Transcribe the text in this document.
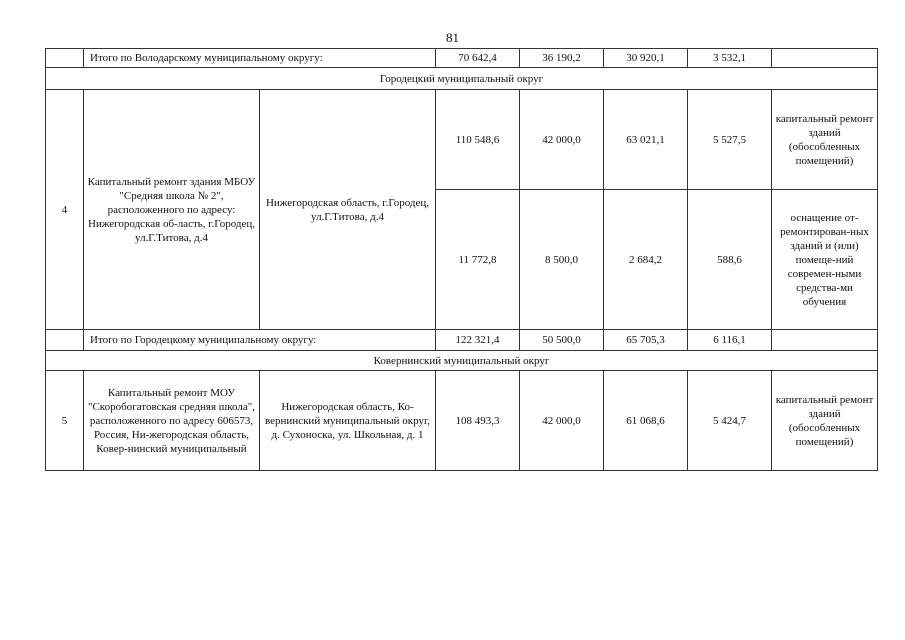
81
	Итого по Володарскому муниципальному округу:		70 642,4	36 190,2	30 920,1	3 532,1	
Городецкий муниципальный округ							
4	Капитальный ремонт здания МБОУ "Средняя школа № 2", расположенного по адресу: Нижегородская об-ласть, г.Городец, ул.Г.Титова, д.4	Нижегородская область, г.Городец, ул.Г.Титова, д.4	110 548,6	42 000,0	63 021,1	5 527,5	капитальный ремонт зданий (обособленных помещений)
			11 772,8	8 500,0	2 684,2	588,6	оснащение от-ремонтирован-ных зданий и (или) помеще-ний современ-ными средства-ми обучения
	Итого по Городецкому муниципальному округу:		122 321,4	50 500,0	65 705,3	6 116,1	
Ковернинский муниципальный округ							
5	Капитальный ремонт МОУ "Скоробогатовская средняя школа", расположенного по адресу 606573, Россия, Ни-жегородская область, Ковер-нинский муниципальный	Нижегородская область, Ко-вернинский муниципальный округ, д. Сухоноска, ул. Школьная, д. 1	108 493,3	42 000,0	61 068,6	5 424,7	капитальный ремонт зданий (обособленных помещений)
